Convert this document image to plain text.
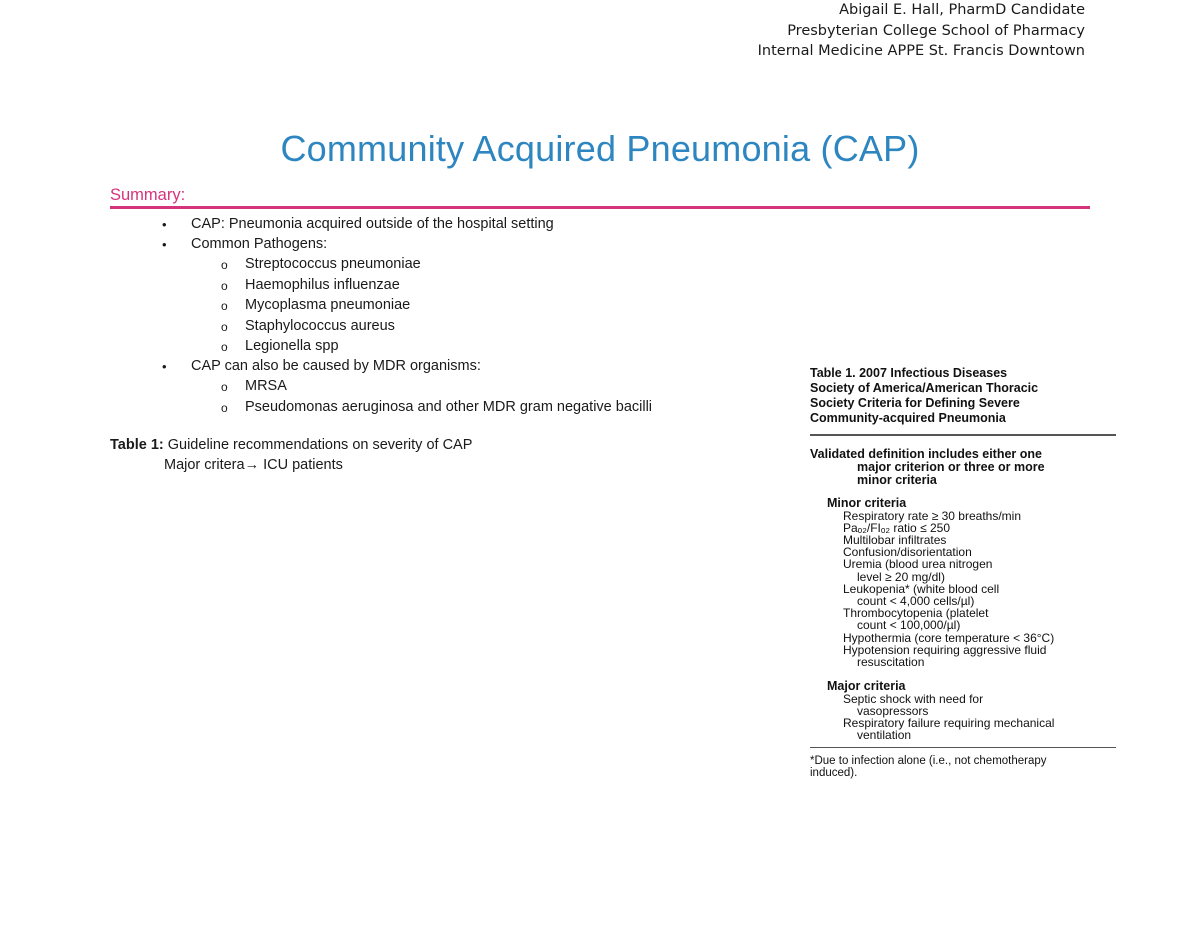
Abigail E. Hall, PharmD Candidate
Presbyterian College School of Pharmacy
Internal Medicine APPE St. Francis Downtown
Community Acquired Pneumonia (CAP)
Summary:
• CAP: Pneumonia acquired outside of the hospital setting
• Common Pathogens:
o Streptococcus pneumoniae
o Haemophilus influenzae
o Mycoplasma pneumoniae
o Staphylococcus aureus
o Legionella spp
• CAP can also be caused by MDR organisms:
o MRSA
o Pseudomonas aeruginosa and other MDR gram negative bacilli
Table 1: Guideline recommendations on severity of CAP
Major critera→ ICU patients
Table 1. 2007 Infectious Diseases
Society of America/American Thoracic
Society Criteria for Defining Severe
Community-acquired Pneumonia
Validated definition includes either one
major criterion or three or more
minor criteria
Minor criteria
Respiratory rate ≥ 30 breaths/min
Paₒ₂/FIₒ₂ ratio ≤ 250
Multilobar infiltrates
Confusion/disorientation
Uremia (blood urea nitrogen
level ≥ 20 mg/dl)
Leukopenia* (white blood cell
count < 4,000 cells/µl)
Thrombocytopenia (platelet
count < 100,000/µl)
Hypothermia (core temperature < 36°C)
Hypotension requiring aggressive fluid
resuscitation
Major criteria
Septic shock with need for
vasopressors
Respiratory failure requiring mechanical
ventilation
*Due to infection alone (i.e., not chemotherapy
induced).
